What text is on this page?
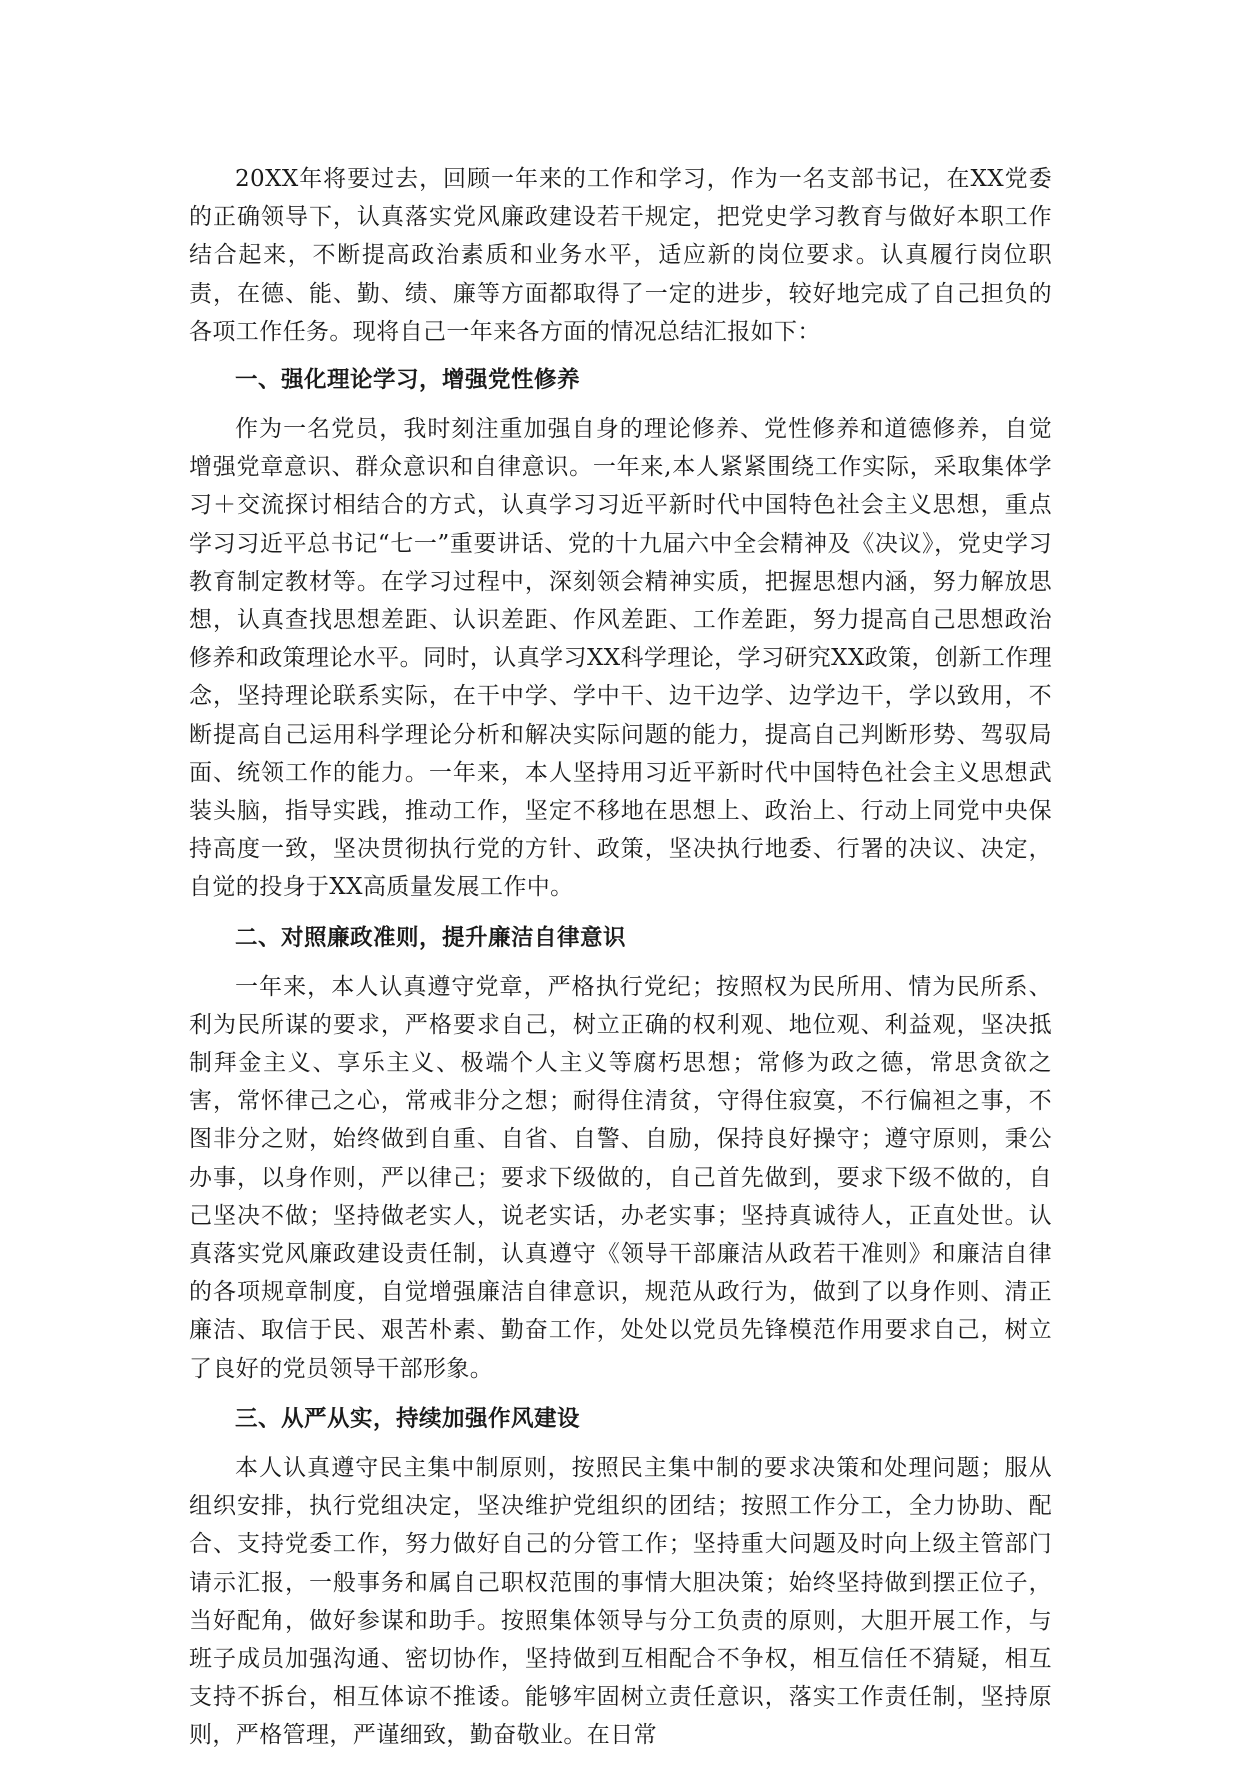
20XX年将要过去，回顾一年来的工作和学习，作为一名支部书记，在XX党委的正确领导下，认真落实党风廉政建设若干规定，把党史学习教育与做好本职工作结合起来，不断提高政治素质和业务水平，适应新的岗位要求。认真履行岗位职责，在德、能、勤、绩、廉等方面都取得了一定的进步，较好地完成了自己担负的各项工作任务。现将自己一年来各方面的情况总结汇报如下：

一、强化理论学习，增强党性修养

作为一名党员，我时刻注重加强自身的理论修养、党性修养和道德修养，自觉增强党章意识、群众意识和自律意识。一年来,本人紧紧围绕工作实际，采取集体学习＋交流探讨相结合的方式，认真学习习近平新时代中国特色社会主义思想，重点学习习近平总书记“七一”重要讲话、党的十九届六中全会精神及《决议》，党史学习教育制定教材等。在学习过程中，深刻领会精神实质，把握思想内涵，努力解放思想，认真查找思想差距、认识差距、作风差距、工作差距，努力提高自己思想政治修养和政策理论水平。同时，认真学习XX科学理论，学习研究XX政策，创新工作理念，坚持理论联系实际，在干中学、学中干、边干边学、边学边干，学以致用，不断提高自己运用科学理论分析和解决实际问题的能力，提高自己判断形势、驾驭局面、统领工作的能力。一年来，本人坚持用习近平新时代中国特色社会主义思想武装头脑，指导实践，推动工作，坚定不移地在思想上、政治上、行动上同党中央保持高度一致，坚决贯彻执行党的方针、政策，坚决执行地委、行署的决议、决定，自觉的投身于XX高质量发展工作中。

二、对照廉政准则，提升廉洁自律意识

一年来，本人认真遵守党章，严格执行党纪；按照权为民所用、情为民所系、利为民所谋的要求，严格要求自己，树立正确的权利观、地位观、利益观，坚决抵制拜金主义、享乐主义、极端个人主义等腐朽思想；常修为政之德，常思贪欲之害，常怀律己之心，常戒非分之想；耐得住清贫，守得住寂寞，不行偏袒之事，不图非分之财，始终做到自重、自省、自警、自励，保持良好操守；遵守原则，秉公办事，以身作则，严以律己；要求下级做的，自己首先做到，要求下级不做的，自己坚决不做；坚持做老实人，说老实话，办老实事；坚持真诚待人，正直处世。认真落实党风廉政建设责任制，认真遵守《领导干部廉洁从政若干准则》和廉洁自律的各项规章制度，自觉增强廉洁自律意识，规范从政行为，做到了以身作则、清正廉洁、取信于民、艰苦朴素、勤奋工作，处处以党员先锋模范作用要求自己，树立了良好的党员领导干部形象。

三、从严从实，持续加强作风建设

本人认真遵守民主集中制原则，按照民主集中制的要求决策和处理问题；服从组织安排，执行党组决定，坚决维护党组织的团结；按照工作分工，全力协助、配合、支持党委工作，努力做好自己的分管工作；坚持重大问题及时向上级主管部门请示汇报，一般事务和属自己职权范围的事情大胆决策；始终坚持做到摆正位子，当好配角，做好参谋和助手。按照集体领导与分工负责的原则，大胆开展工作，与班子成员加强沟通、密切协作，坚持做到互相配合不争权，相互信任不猜疑，相互支持不拆台，相互体谅不推诿。能够牢固树立责任意识，落实工作责任制，坚持原则，严格管理，严谨细致，勤奋敬业。在日常
